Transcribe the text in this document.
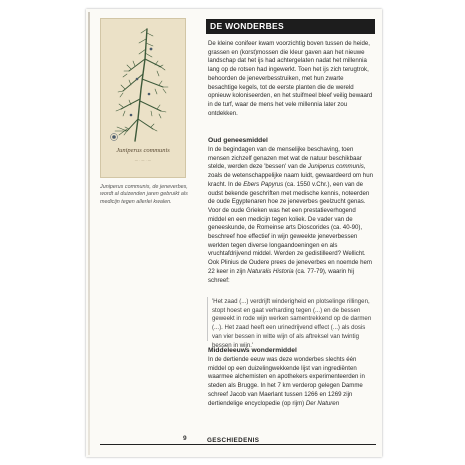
Juniperus communis
— · — · —
Juniperus communis, de jeneverbes, wordt al duizenden jaren gebruikt als medicijn tegen allerlei kwalen.
DE WONDERBES

De kleine conifeer kwam voorzichtig boven tussen de heide, grassen en (korst)mossen die kleur gaven aan het nieuwe landschap dat het ijs had achtergelaten nadat het millennia lang op de rotsen had ingewerkt. Toen het ijs zich terugtrok, behoorden de jeneverbesstruiken, met hun zwarte besachtige kegels, tot de eerste planten die de wereld opnieuw koloniseerden, en het stuifmeel bleef veilig bewaard in de turf, waar de mens het vele millennia later zou ontdekken.

Oud geneesmiddel

In de begindagen van de menselijke beschaving, toen mensen zichzelf genazen met wat de natuur beschikbaar stelde, werden deze 'bessen' van de Juniperus communis, zoals de wetenschappelijke naam luidt, gewaardeerd om hun kracht. In de Ebers Papyrus (ca. 1550 v.Chr.), een van de oudst bekende geschriften met medische kennis, noteerden de oude Egyptenaren hoe ze jeneverbes geelzucht genas. Voor de oude Grieken was het een prestatieverhogend middel en een medicijn tegen koliek. De vader van de geneeskunde, de Romeinse arts Dioscorides (ca. 40-90), beschreef hoe effectief in wijn geweekte jeneverbessen werkten tegen diverse longaandoeningen en als vruchtafdrijvend middel. Werden ze gedistilleerd? Wellicht. Ook Plinius de Oudere prees de jeneverbes en noemde hem 22 keer in zijn Naturalis Historia (ca. 77-79), waarin hij schreef:

'Het zaad (...) verdrijft winderigheid en plotselinge rillingen, stopt hoest en gaat verharding tegen (...) en de bessen geweekt in rode wijn werken samentrekkend op de darmen (...). Het zaad heeft een urinedrijvend effect (...) als dosis van vier bessen in witte wijn of als aftreksel van twintig bessen in wijn.'
Middeleeuws wondermiddel

In de dertiende eeuw was deze wonderbes slechts één middel op een duizelingwekkende lijst van ingrediënten waarmee alchemisten en apothekers experimenteerden in steden als Brugge. In het 7 km verderop gelegen Damme schreef Jacob van Maerlant tussen 1266 en 1269 zijn dertiendelige encyclopedie (op rijm) Der Naturen

9	GESCHIEDENIS
